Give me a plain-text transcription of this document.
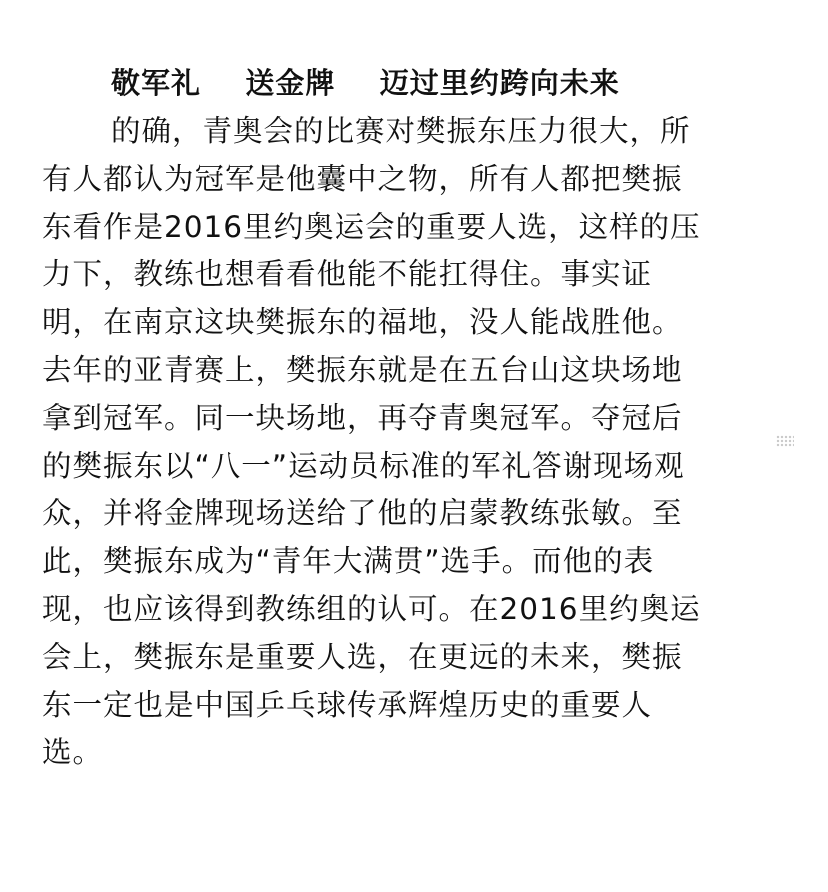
敬军礼    送金牌    迈过里约跨向未来

的确，青奥会的比赛对樊振东压力很大，所
有人都认为冠军是他囊中之物，所有人都把樊振
东看作是2016里约奥运会的重要人选，这样的压
力下，教练也想看看他能不能扛得住。事实证
明，在南京这块樊振东的福地，没人能战胜他。
去年的亚青赛上，樊振东就是在五台山这块场地
拿到冠军。同一块场地，再夺青奥冠军。夺冠后
的樊振东以“八一”运动员标准的军礼答谢现场观
众，并将金牌现场送给了他的启蒙教练张敏。至
此，樊振东成为“青年大满贯”选手。而他的表
现，也应该得到教练组的认可。在2016里约奥运
会上，樊振东是重要人选，在更远的未来，樊振
东一定也是中国乒乓球传承辉煌历史的重要人
选。
